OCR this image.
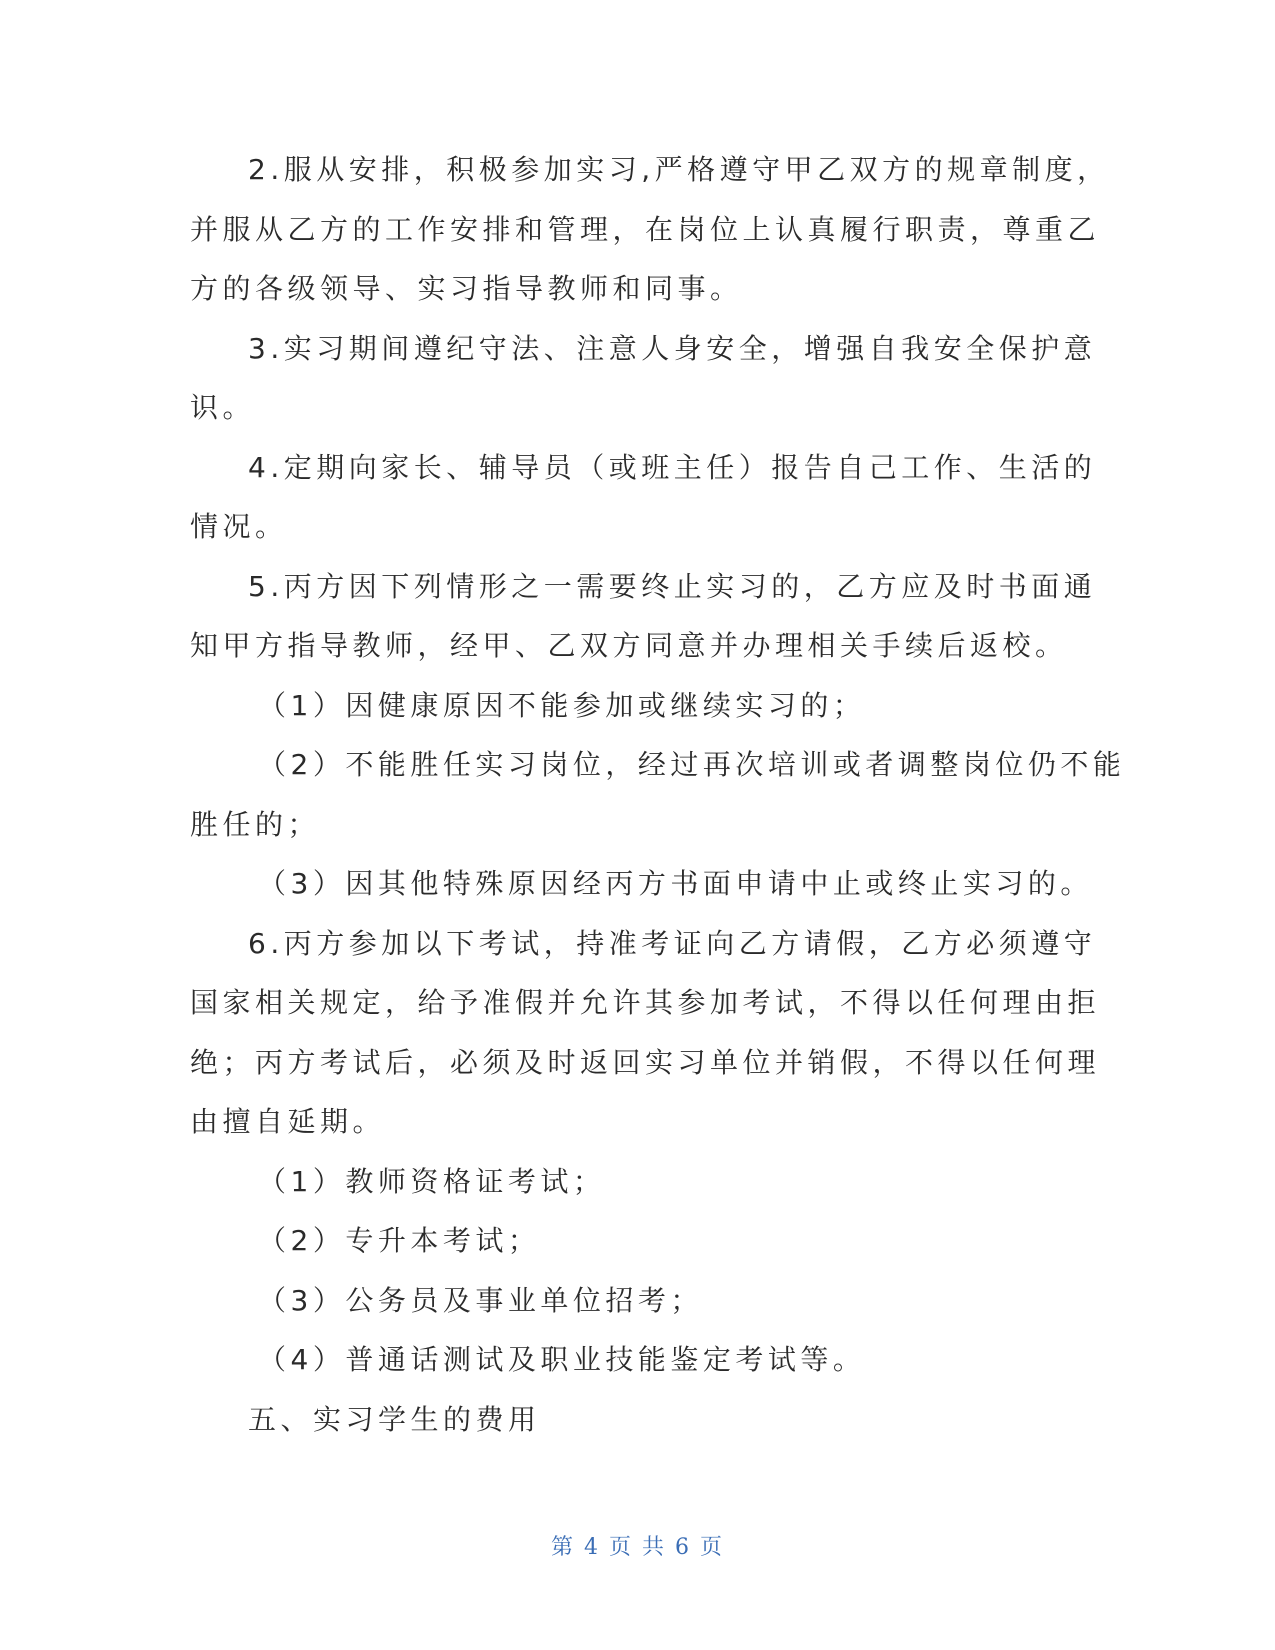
2.服从安排，积极参加实习,严格遵守甲乙双方的规章制度，
并服从乙方的工作安排和管理，在岗位上认真履行职责，尊重乙
方的各级领导、实习指导教师和同事。
3.实习期间遵纪守法、注意人身安全，增强自我安全保护意
识。
4.定期向家长、辅导员（或班主任）报告自己工作、生活的
情况。
5.丙方因下列情形之一需要终止实习的，乙方应及时书面通
知甲方指导教师，经甲、乙双方同意并办理相关手续后返校。
（1）因健康原因不能参加或继续实习的；
（2）不能胜任实习岗位，经过再次培训或者调整岗位仍不能
胜任的；
（3）因其他特殊原因经丙方书面申请中止或终止实习的。
6.丙方参加以下考试，持准考证向乙方请假，乙方必须遵守
国家相关规定，给予准假并允许其参加考试，不得以任何理由拒
绝；丙方考试后，必须及时返回实习单位并销假，不得以任何理
由擅自延期。
（1）教师资格证考试；
（2）专升本考试；
（3）公务员及事业单位招考；
（4）普通话测试及职业技能鉴定考试等。
五、实习学生的费用
第 4 页 共 6 页
